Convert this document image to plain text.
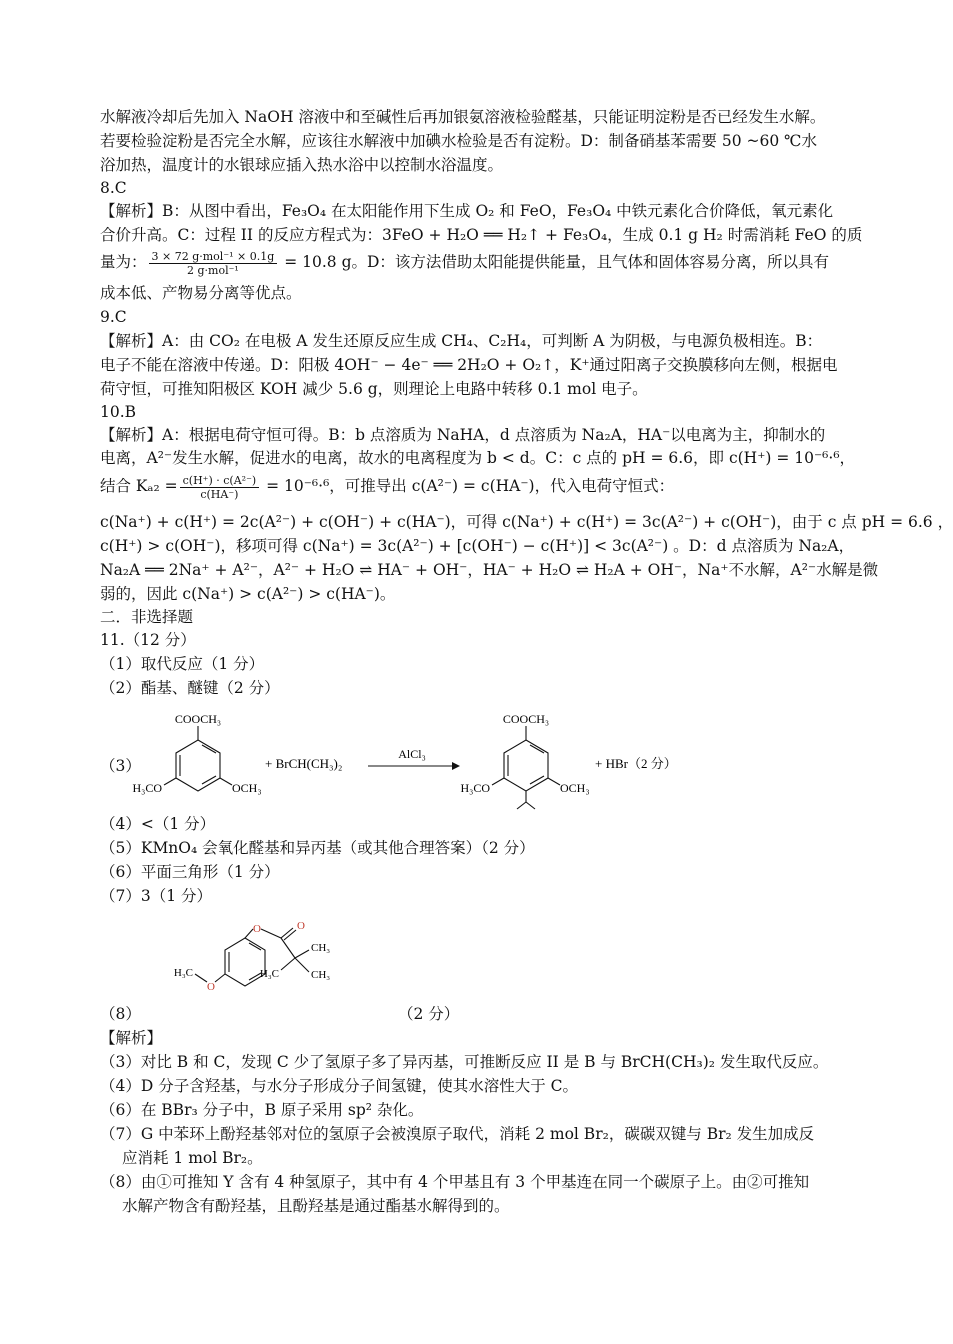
水解液冷却后先加入 NaOH 溶液中和至碱性后再加银氨溶液检验醛基，只能证明淀粉是否已经发生水解。
若要检验淀粉是否完全水解，应该往水解液中加碘水检验是否有淀粉。D：制备硝基苯需要 50 ~60 ℃水
浴加热，温度计的水银球应插入热水浴中以控制水浴温度。
8.C
【解析】B：从图中看出，Fe₃O₄ 在太阳能作用下生成 O₂ 和 FeO，Fe₃O₄ 中铁元素化合价降低，氧元素化
合价升高。C：过程 II 的反应方程式为：3FeO + H₂O ══ H₂↑ + Fe₃O₄，生成 0.1 g H₂ 时需消耗 FeO 的质
量为： $\frac{\text{3 × 72 g·mol⁻¹ × 0.1g}}{\text{2 g·mol⁻¹}} = 10.8$ g。D：该方法借助太阳能提供能量，且气体和固体容易分离，所以具有
成本低、产物易分离等优点。
9.C
【解析】A：由 CO₂ 在电极 A 发生还原反应生成 CH₄、C₂H₄，可判断 A 为阴极，与电源负极相连。B：
电子不能在溶液中传递。D：阳极 4OH⁻ − 4e⁻ ══ 2H₂O + O₂↑，K⁺通过阳离子交换膜移向左侧，根据电
荷守恒，可推知阳极区 KOH 减少 5.6 g，则理论上电路中转移 0.1 mol 电子。
10.B
【解析】A：根据电荷守恒可得。B：b 点溶质为 NaHA，d 点溶质为 Na₂A，HA⁻以电离为主，抑制水的
电离，A²⁻发生水解，促进水的电离，故水的电离程度为 b < d。C：c 点的 pH = 6.6，即 c(H⁺) = 10⁻⁶·⁶，
结合 $K_{a2} = \frac{\text{c(H⁺) · c(A²⁻)}}{c(HA^-)} = 10^{-6}\cdot^6$，可推导出 c(A²⁻) = c(HA⁻)，代入电荷守恒式：
c(Na⁺) + c(H⁺) = 2c(A²⁻) + c(OH⁻) + c(HA⁻)，可得 c(Na⁺) + c(H⁺) = 3c(A²⁻) + c(OH⁻)，由于 c 点 pH = 6.6 ，
c(H⁺) > c(OH⁻)，移项可得 c(Na⁺) = 3c(A²⁻) + [c(OH⁻) − c(H⁺)] < 3c(A²⁻) 。D：d 点溶质为 Na₂A，
Na₂A ══ 2Na⁺ + A²⁻，A²⁻ + H₂O ⇌ HA⁻ + OH⁻，HA⁻ + H₂O ⇌ H₂A + OH⁻，Na⁺不水解，A²⁻水解是微
弱的，因此 c(Na⁺) > c(A²⁻) > c(HA⁻)。
二．非选择题
11.（12 分）
（1）取代反应（1 分）
（2）酯基、醚键（2 分）
（3）
COOCH₃
H₃CO	OCH₃
+ BrCH(CH₃)₂
AlCl₃
COOCH₃
H₃CO	OCH₃
+ HBr（2 分）
（4）<（1 分）
（5）KMnO₄ 会氧化醛基和异丙基（或其他合理答案）（2 分）
（6）平面三角形（1 分）
（7）3（1 分）
O	O
O
H₃C
CH₃
H₃C	CH₃
（8）	（2 分）
【解析】
（3）对比 B 和 C，发现 C 少了氢原子多了异丙基，可推断反应 II 是 B 与 BrCH(CH₃)₂ 发生取代反应。
（4）D 分子含羟基，与水分子形成分子间氢键，使其水溶性大于 C。
（6）在 BBr₃ 分子中，B 原子采用 sp² 杂化。
（7）G 中苯环上酚羟基邻对位的氢原子会被溴原子取代，消耗 2 mol Br₂，碳碳双键与 Br₂ 发生加成反
应消耗 1 mol Br₂。
（8）由①可推知 Y 含有 4 种氢原子，其中有 4 个甲基且有 3 个甲基连在同一个碳原子上。由②可推知
水解产物含有酚羟基，且酚羟基是通过酯基水解得到的。
